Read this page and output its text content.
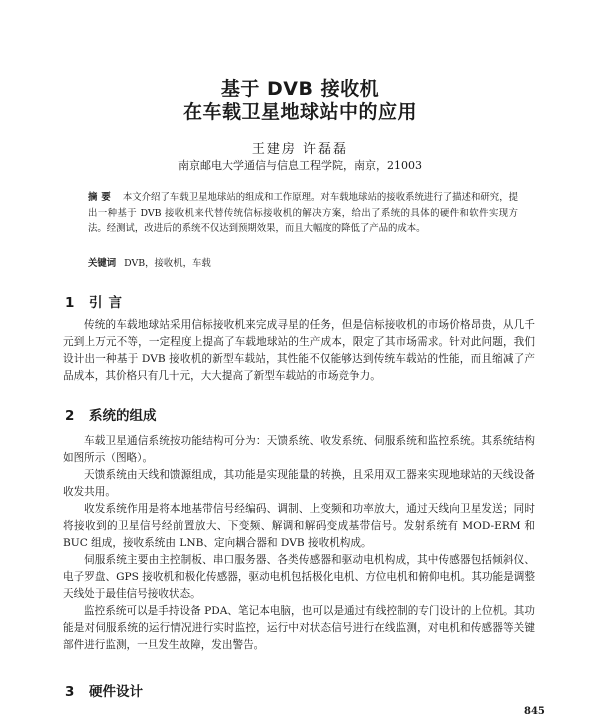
基于 DVB 接收机
在车载卫星地球站中的应用
王建房 许磊磊
南京邮电大学通信与信息工程学院，南京，21003
摘要 本文介绍了车载卫星地球站的组成和工作原理。对车载地球站的接收系统进行了描述和研究，提出一种基于 DVB 接收机来代替传统信标接收机的解决方案，给出了系统的具体的硬件和软件实现方法。经测试，改进后的系统不仅达到预期效果，而且大幅度的降低了产品的成本。
关键词 DVB，接收机，车载
1 引言
传统的车载地球站采用信标接收机来完成寻星的任务，但是信标接收机的市场价格昂贵，从几千元到上万元不等，一定程度上提高了车载地球站的生产成本，限定了其市场需求。针对此问题，我们设计出一种基于 DVB 接收机的新型车载站，其性能不仅能够达到传统车载站的性能，而且缩减了产品成本，其价格只有几十元，大大提高了新型车载站的市场竞争力。
2 系统的组成
车载卫星通信系统按功能结构可分为：天馈系统、收发系统、伺服系统和监控系统。其系统结构如图所示（图略）。
天馈系统由天线和馈源组成，其功能是实现能量的转换，且采用双工器来实现地球站的天线设备收发共用。
收发系统作用是将本地基带信号经编码、调制、上变频和功率放大，通过天线向卫星发送；同时将接收到的卫星信号经前置放大、下变频、解调和解码变成基带信号。发射系统有 MOD-ERM 和 BUC 组成，接收系统由 LNB、定向耦合器和 DVB 接收机构成。
伺服系统主要由主控制板、串口服务器、各类传感器和驱动电机构成，其中传感器包括倾斜仪、电子罗盘、GPS 接收机和极化传感器，驱动电机包括极化电机、方位电机和俯仰电机。其功能是调整天线处于最佳信号接收状态。
监控系统可以是手持设备 PDA、笔记本电脑，也可以是通过有线控制的专门设计的上位机。其功能是对伺服系统的运行情况进行实时监控，运行中对状态信号进行在线监测，对电机和传感器等关键部件进行监测，一旦发生故障，发出警告。
3 硬件设计
845
